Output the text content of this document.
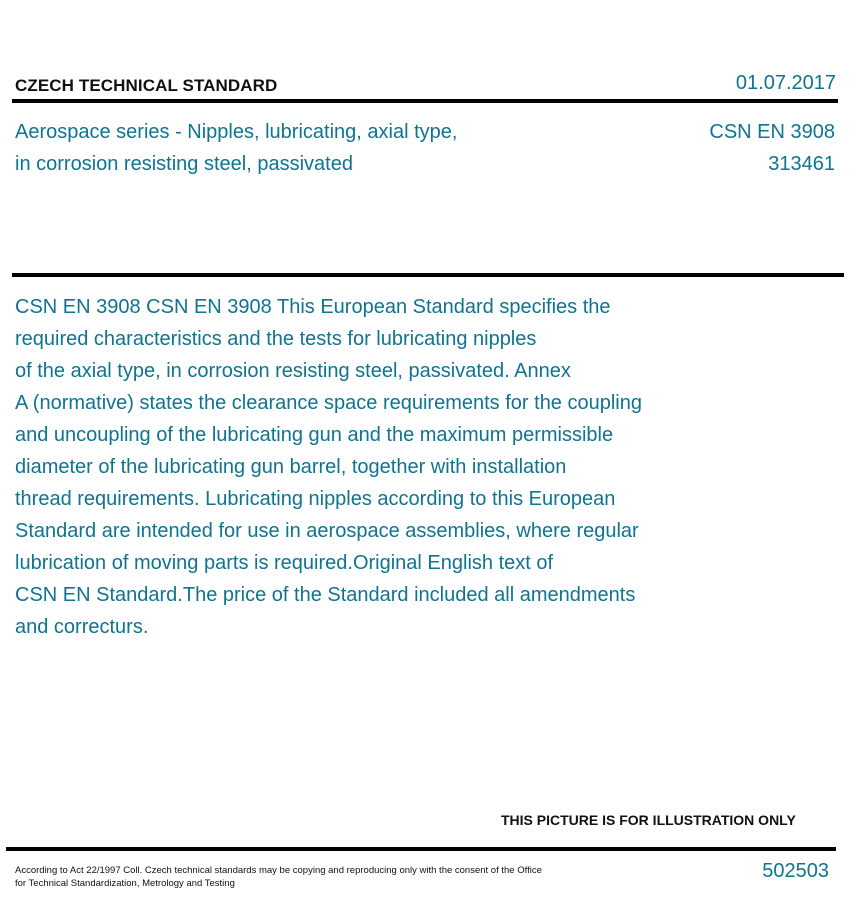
CZECH TECHNICAL STANDARD	01.07.2017
Aerospace series - Nipples, lubricating, axial type,
in corrosion resisting steel, passivated
CSN EN 3908
313461
CSN EN 3908 CSN EN 3908 This European Standard specifies the
required characteristics and the tests for lubricating nipples
of the axial type, in corrosion resisting steel, passivated. Annex
A (normative) states the clearance space requirements for the coupling
and uncoupling of the lubricating gun and the maximum permissible
diameter of the lubricating gun barrel, together with installation
thread requirements. Lubricating nipples according to this European
Standard are intended for use in aerospace assemblies, where regular
lubrication of moving parts is required.Original English text of
CSN EN Standard.The price of the Standard included all amendments
and correcturs.
THIS PICTURE IS FOR ILLUSTRATION ONLY
According to Act 22/1997 Coll. Czech technical standards may be copying and reproducing only with the consent of the Office
for Technical Standardization, Metrology and Testing
502503
